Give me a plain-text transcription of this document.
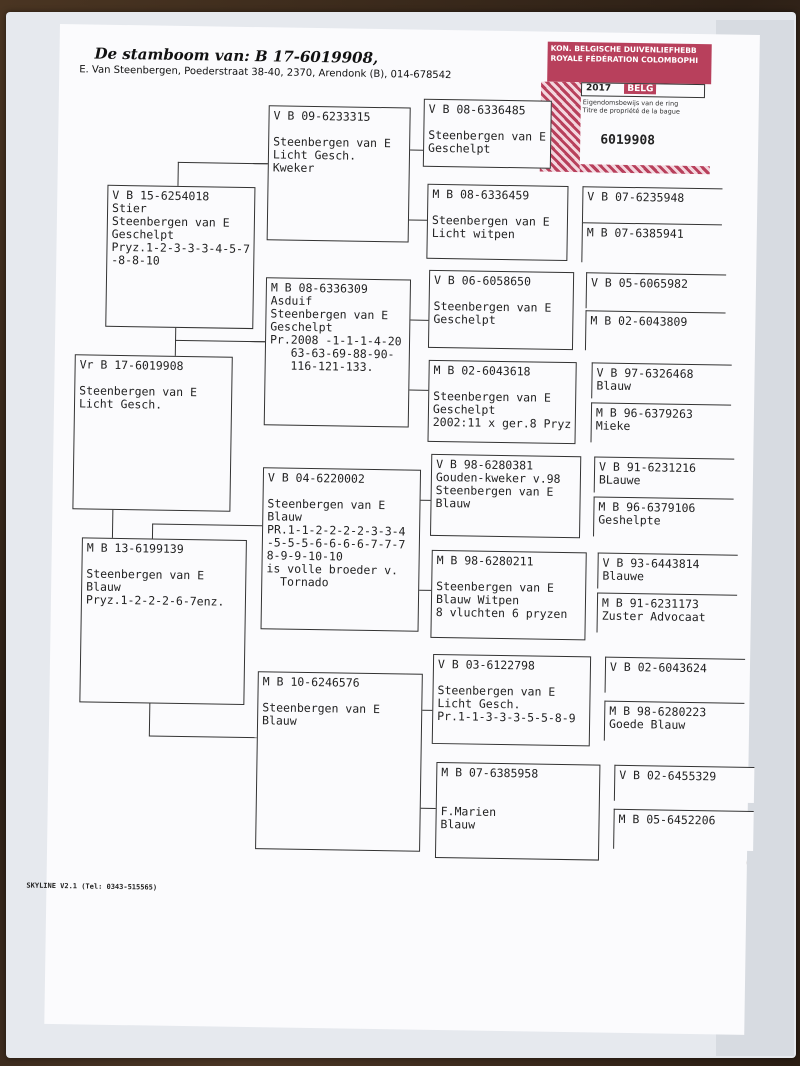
De stamboom van: B 17-6019908,
E. Van Steenbergen, Poederstraat 38-40, 2370, Arendonk (B), 014-678542
KON. BELGISCHE DUIVENLIEFHEBB
ROYALE FÉDÉRATION COLOMBOPHI
2017 BELG
Eigendomsbewijs van de ring
Titre de propriété de la bague
6019908
Vr B 17-6019908
Steenbergen van E
Licht Gesch.
V B 15-6254018
Stier
Steenbergen van E
Geschelpt
Pryz.1-2-3-3-3-4-5-7
-8-8-10
M B 13-6199139
Steenbergen van E
Blauw
Pryz.1-2-2-2-6-7enz.
V B 09-6233315
Steenbergen van E
Licht Gesch.
Kweker
M B 08-6336309
Asduif
Steenbergen van E
Geschelpt
Pr.2008 -1-1-1-4-20
63-63-69-88-90-
116-121-133.
V B 04-6220002
Steenbergen van E
Blauw
PR.1-1-2-2-2-2-3-3-4
-5-5-5-6-6-6-6-7-7-7
8-9-9-10-10
is volle broeder v.
Tornado
M B 10-6246576
Steenbergen van E
Blauw
V B 08-6336485
Steenbergen van E
Geschelpt
M B 08-6336459
Steenbergen van E
Licht witpen
V B 06-6058650
Steenbergen van E
Geschelpt
M B 02-6043618
Steenbergen van E
Geschelpt
2002:11 x ger.8 Pryz
V B 98-6280381
Gouden-kweker v.98
Steenbergen van E
Blauw
M B 98-6280211
Steenbergen van E
Blauw Witpen
8 vluchten 6 pryzen
V B 03-6122798
Steenbergen van E
Licht Gesch.
Pr.1-1-3-3-3-5-5-8-9
M B 07-6385958
F.Marien
Blauw
V B 07-6235948
M B 07-6385941
V B 05-6065982
M B 02-6043809
V B 97-6326468
Blauw
M B 96-6379263
Mieke
V B 91-6231216
BLauwe
M B 96-6379106
Geshelpte
V B 93-6443814
Blauwe
M B 91-6231173
Zuster Advocaat
V B 02-6043624
M B 98-6280223
Goede Blauw
V B 02-6455329
M B 05-6452206
SKYLINE V2.1 (Tel: 0343-515565)
